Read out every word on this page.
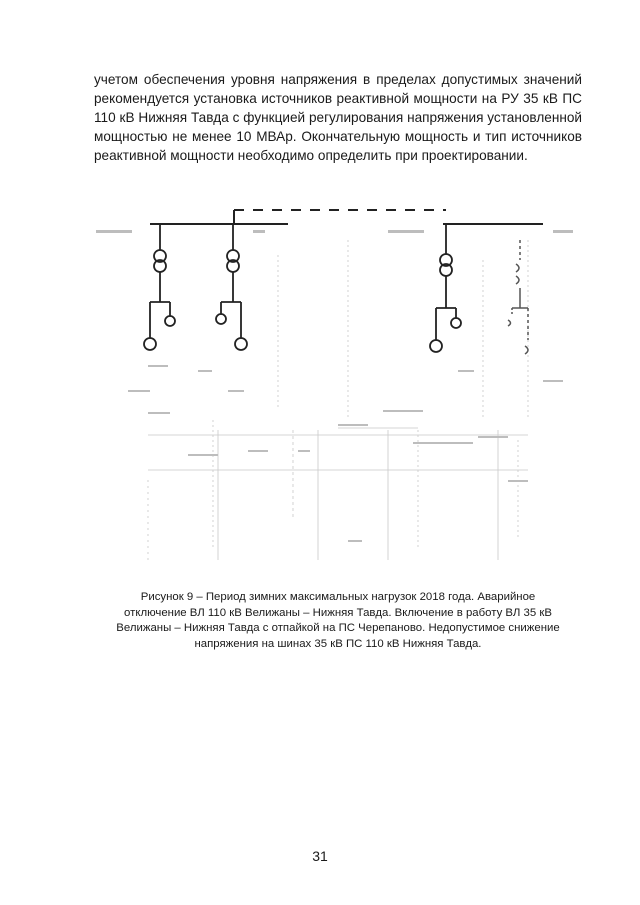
учетом обеспечения уровня напряжения в пределах допустимых значений рекомендуется установка источников реактивной мощности на РУ 35 кВ ПС 110 кВ Нижняя Тавда с функцией регулирования напряжения установленной мощностью не менее 10 МВАр. Окончательную мощность и тип источников реактивной мощности необходимо определить при проектировании.

Рисунок 9 – Период зимних максимальных нагрузок 2018 года. Аварийное отключение ВЛ 110 кВ Велижаны – Нижняя Тавда. Включение в работу ВЛ 35 кВ Велижаны – Нижняя Тавда с отпайкой на ПС Черепаново. Недопустимое снижение напряжения на шинах 35 кВ ПС 110 кВ Нижняя Тавда.

31
